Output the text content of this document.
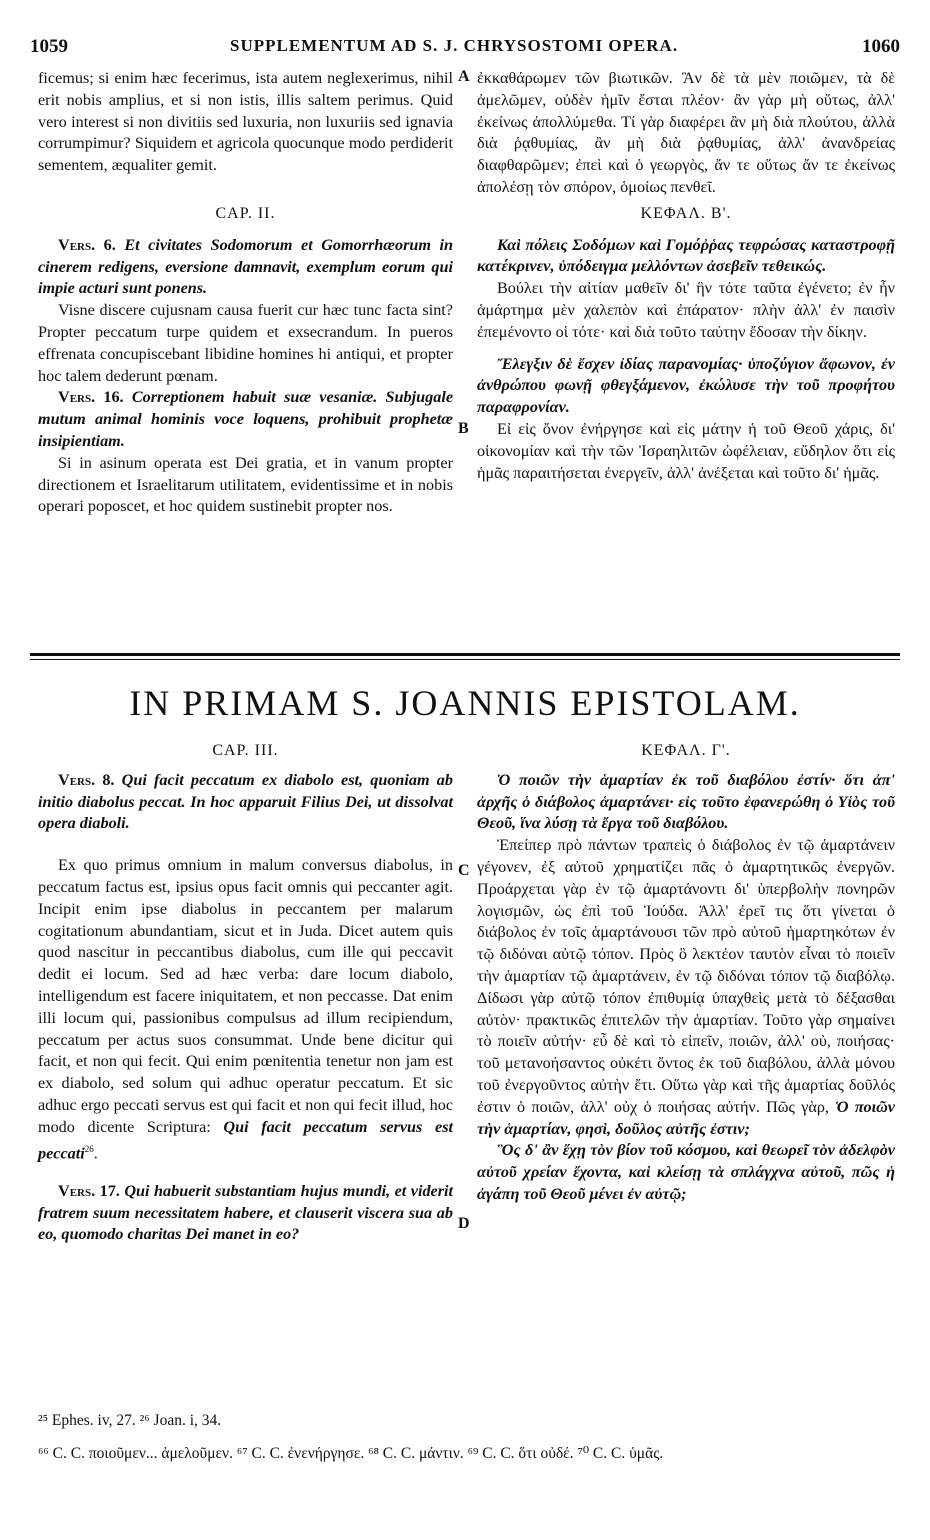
1059	SUPPLEMENTUM AD S. J. CHRYSOSTOMI OPERA.	1060

ficemus; si enim hæc fecerimus, ista autem neglexerimus, nihil erit nobis amplius, et si non istis, illis saltem perimus. Quid vero interest si non divitiis sed luxuria, non luxuriis sed ignavia corrumpimur? Siquidem et agricola quocunque modo perdiderit sementem, æqualiter gemit.

CAP. II.

Vers. 6. Et civitates Sodomorum et Gomorrhæorum in cinerem redigens, eversione damnavit, exemplum eorum qui impie acturi sunt ponens.

Visne discere cujusnam causa fuerit cur hæc tunc facta sint? Propter peccatum turpe quidem et exsecrandum. In pueros effrenata concupiscebant libidine homines hi antiqui, et propter hoc talem dederunt pœnam.

Vers. 16. Correptionem habuit suæ vesaniæ. Subjugale mutum animal hominis voce loquens, prohibuit prophetæ insipientiam.

Si in asinum operata est Dei gratia, et in vanum propter directionem et Israelitarum utilitatem, evidentissime et in nobis operari poposcet, et hoc quidem sustinebit propter nos.

ἐκκαθάρωμεν τῶν βιωτικῶν. Ἂν δὲ τὰ μὲν ποιῶμεν, τὰ δὲ ἀμελῶμεν, οὐδὲν ἡμῖν ἔσται πλέον· ἂν γὰρ μὴ οὕτως, ἀλλ' ἐκείνως ἀπολλύμεθα. Τί γὰρ διαφέρει ἂν μὴ διὰ πλούτου, ἀλλὰ διὰ ῥᾳθυμίας, ἂν μὴ διὰ ῥᾳθυμίας, ἀλλ' ἀνανδρείας διαφθαρῶμεν; ἐπεὶ καὶ ὁ γεωργὸς, ἄν τε οὕτως ἄν τε ἐκείνως ἀπολέσῃ τὸν σπόρον, ὁμοίως πενθεῖ.

ΚΕΦΑΛ. Β'.

Καὶ πόλεις Σοδόμων καὶ Γομόῤῥας τεφρώσας καταστροφῇ κατέκρινεν, ὑπόδειγμα μελλόντων ἀσεβεῖν τεθεικώς.

Βούλει τὴν αἰτίαν μαθεῖν δι' ἣν τότε ταῦτα ἐγένετο; ἐν ἦν ἁμάρτημα μὲν χαλεπὸν καὶ ἐπάρατον· πλὴν ἀλλ' ἐν παισὶν ἐπεμένοντο οἱ τότε· καὶ διὰ τοῦτο ταύτην ἔδοσαν τὴν δίκην.

Ἔλεγξιν δὲ ἔσχεν ἰδίας παρανομίας· ὑποζύγιον ἄφωνον, ἐν ἀνθρώπου φωνῇ φθεγξάμενον, ἐκώλυσε τὴν τοῦ προφήτου παραφρονίαν.

Εἰ εἰς ὄνον ἐνήργησε καὶ εἰς μάτην ἡ τοῦ Θεοῦ χάρις, δι' οἰκονομίαν καὶ τὴν τῶν Ἰσραηλιτῶν ὠφέλειαν, εὔδηλον ὅτι εἰς ἡμᾶς παραιτήσεται ἐνεργεῖν, ἀλλ' ἀνέξεται καὶ τοῦτο δι' ἡμᾶς.

A
B
IN PRIMAM S. JOANNIS EPISTOLAM.

CAP. III.

Vers. 8. Qui facit peccatum ex diabolo est, quoniam ab initio diabolus peccat. In hoc apparuit Filius Dei, ut dissolvat opera diaboli.

Ex quo primus omnium in malum conversus diabolus, in peccatum factus est, ipsius opus facit omnis qui peccanter agit. Incipit enim ipse diabolus in peccantem per malarum cogitationum abundantiam, sicut et in Juda. Dicet autem quis quod nascitur in peccantibus diabolus, cum ille qui peccavit dedit ei locum. Sed ad hæc verba: dare locum diabolo, intelligendum est facere iniquitatem, et non peccasse. Dat enim illi locum qui, passionibus compulsus ad illum recipiendum, peccatum per actus suos consummat. Unde bene dicitur qui facit, et non qui fecit. Qui enim pœnitentia tenetur non jam est ex diabolo, sed solum qui adhuc operatur peccatum. Et sic adhuc ergo peccati servus est qui facit et non qui fecit illud, hoc modo dicente Scriptura: Qui facit peccatum servus est peccati$^{26}$.

Vers. 17. Qui habuerit substantiam hujus mundi, et viderit fratrem suum necessitatem habere, et clauserit viscera sua ab eo, quomodo charitas Dei manet in eo?

ΚΕΦΑΛ. Γ'.

Ὁ ποιῶν τὴν ἁμαρτίαν ἐκ τοῦ διαβόλου ἐστίν· ὅτι ἀπ' ἀρχῆς ὁ διάβολος ἁμαρτάνει· εἰς τοῦτο ἐφανερώθη ὁ Υἱὸς τοῦ Θεοῦ, ἵνα λύσῃ τὰ ἔργα τοῦ διαβόλου.

Ἐπείπερ πρὸ πάντων τραπεὶς ὁ διάβολος ἐν τῷ ἁμαρτάνειν γέγονεν, ἐξ αὐτοῦ χρηματίζει πᾶς ὁ ἁμαρτητικῶς ἐνεργῶν. Προάρχεται γὰρ ἐν τῷ ἁμαρτάνοντι δι' ὑπερβολὴν πονηρῶν λογισμῶν, ὡς ἐπὶ τοῦ Ἰούδα. Ἀλλ' ἐρεῖ τις ὅτι γίνεται ὁ διάβολος ἐν τοῖς ἁμαρτάνουσι τῶν πρὸ αὐτοῦ ἡμαρτηκότων ἐν τῷ διδόναι αὐτῷ τόπον. Πρὸς ὃ λεκτέον ταυτὸν εἶναι τὸ ποιεῖν τὴν ἁμαρτίαν τῷ ἁμαρτάνειν, ἐν τῷ διδόναι τόπον τῷ διαβόλῳ. Δίδωσι γὰρ αὐτῷ τόπον ἐπιθυμίᾳ ὑπαχθεὶς μετὰ τὸ δέξασθαι αὐτὸν· πρακτικῶς ἐπιτελῶν τὴν ἁμαρτίαν. Τοῦτο γὰρ σημαίνει τὸ ποιεῖν αὐτήν· εὖ δὲ καὶ τὸ εἰπεῖν, ποιῶν, ἀλλ' οὐ, ποιήσας· τοῦ μετανοήσαντος οὐκέτι ὄντος ἐκ τοῦ διαβόλου, ἀλλὰ μόνου τοῦ ἐνεργοῦντος αὐτὴν ἔτι. Οὕτω γὰρ καὶ τῆς ἁμαρτίας δοῦλός ἐστιν ὁ ποιῶν, ἀλλ' οὐχ ὁ ποιήσας αὐτήν. Πῶς γὰρ, Ὁ ποιῶν τὴν ἁμαρτίαν, φησὶ, δοῦλος αὐτῆς ἐστιν;

Ὃς δ' ἂν ἔχῃ τὸν βίον τοῦ κόσμου, καὶ θεωρεῖ τὸν ἀδελφὸν αὐτοῦ χρείαν ἔχοντα, καὶ κλείσῃ τὰ σπλάγχνα αὐτοῦ, πῶς ἡ ἀγάπη τοῦ Θεοῦ μένει ἐν αὐτῷ;

C
D
²⁵ Ephes. iv, 27. ²⁶ Joan. i, 34.
⁶⁶ C. C. ποιοῦμεν... ἀμελοῦμεν. ⁶⁷ C. C. ἐνενήργησε. ⁶⁸ C. C. μάντιν. ⁶⁹ C. C. ὅτι οὐδέ. ⁷⁰ C. C. ὑμᾶς.
